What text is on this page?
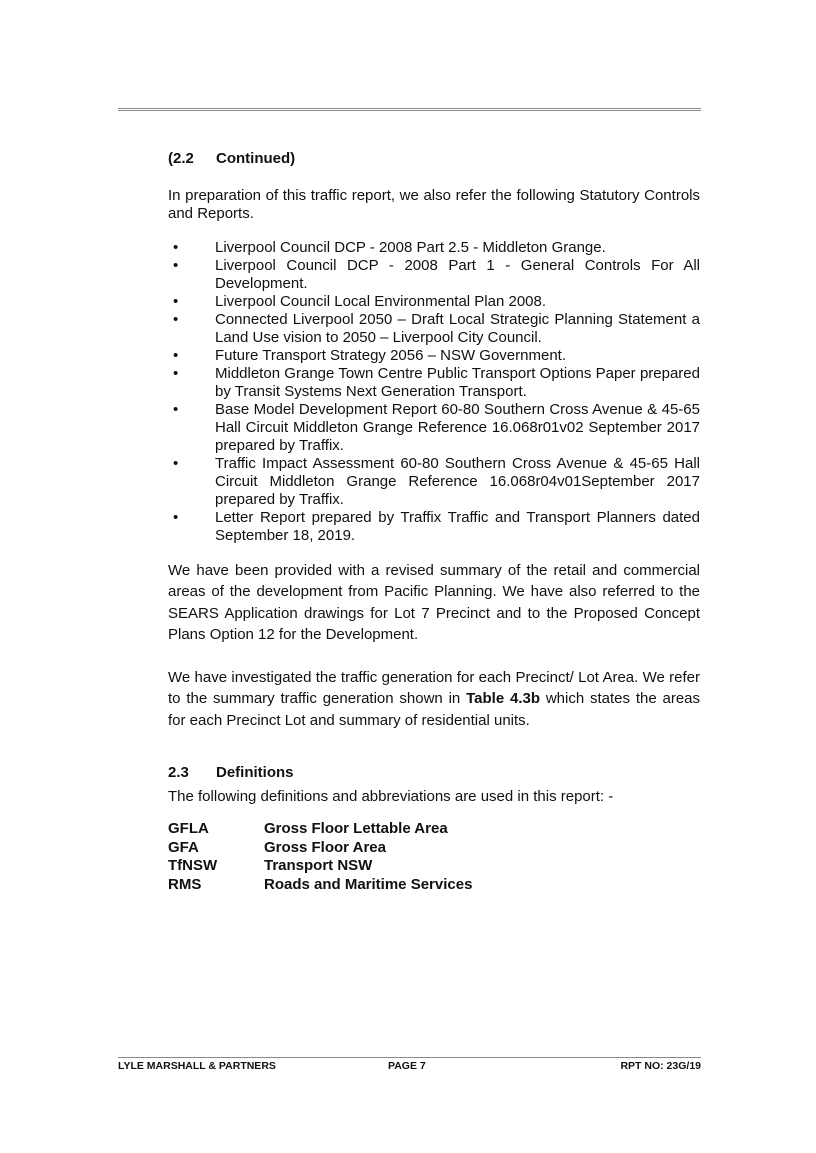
(2.2 Continued)

In preparation of this traffic report, we also refer the following Statutory Controls and Reports.

• Liverpool Council DCP - 2008 Part 2.5 - Middleton Grange.
• Liverpool Council DCP - 2008 Part 1 - General Controls For All Development.
• Liverpool Council Local Environmental Plan 2008.
• Connected Liverpool 2050 – Draft Local Strategic Planning Statement a Land Use vision to 2050 – Liverpool City Council.
• Future Transport Strategy 2056 – NSW Government.
• Middleton Grange Town Centre Public Transport Options Paper prepared by Transit Systems Next Generation Transport.
• Base Model Development Report 60-80 Southern Cross Avenue & 45-65 Hall Circuit Middleton Grange Reference 16.068r01v02 September 2017 prepared by Traffix.
• Traffic Impact Assessment 60-80 Southern Cross Avenue & 45-65 Hall Circuit Middleton Grange Reference 16.068r04v01September 2017 prepared by Traffix.
• Letter Report prepared by Traffix Traffic and Transport Planners dated September 18, 2019.

We have been provided with a revised summary of the retail and commercial areas of the development from Pacific Planning. We have also referred to the SEARS Application drawings for Lot 7 Precinct and to the Proposed Concept Plans Option 12 for the Development.

We have investigated the traffic generation for each Precinct/ Lot Area. We refer to the summary traffic generation shown in Table 4.3b which states the areas for each Precinct Lot and summary of residential units.

2.3 Definitions

The following definitions and abbreviations are used in this report: -

GFLA	Gross Floor Lettable Area
GFA	Gross Floor Area
TfNSW	Transport NSW
RMS	Roads and Maritime Services
LYLE MARSHALL & PARTNERS	PAGE 7	RPT NO: 23G/19
